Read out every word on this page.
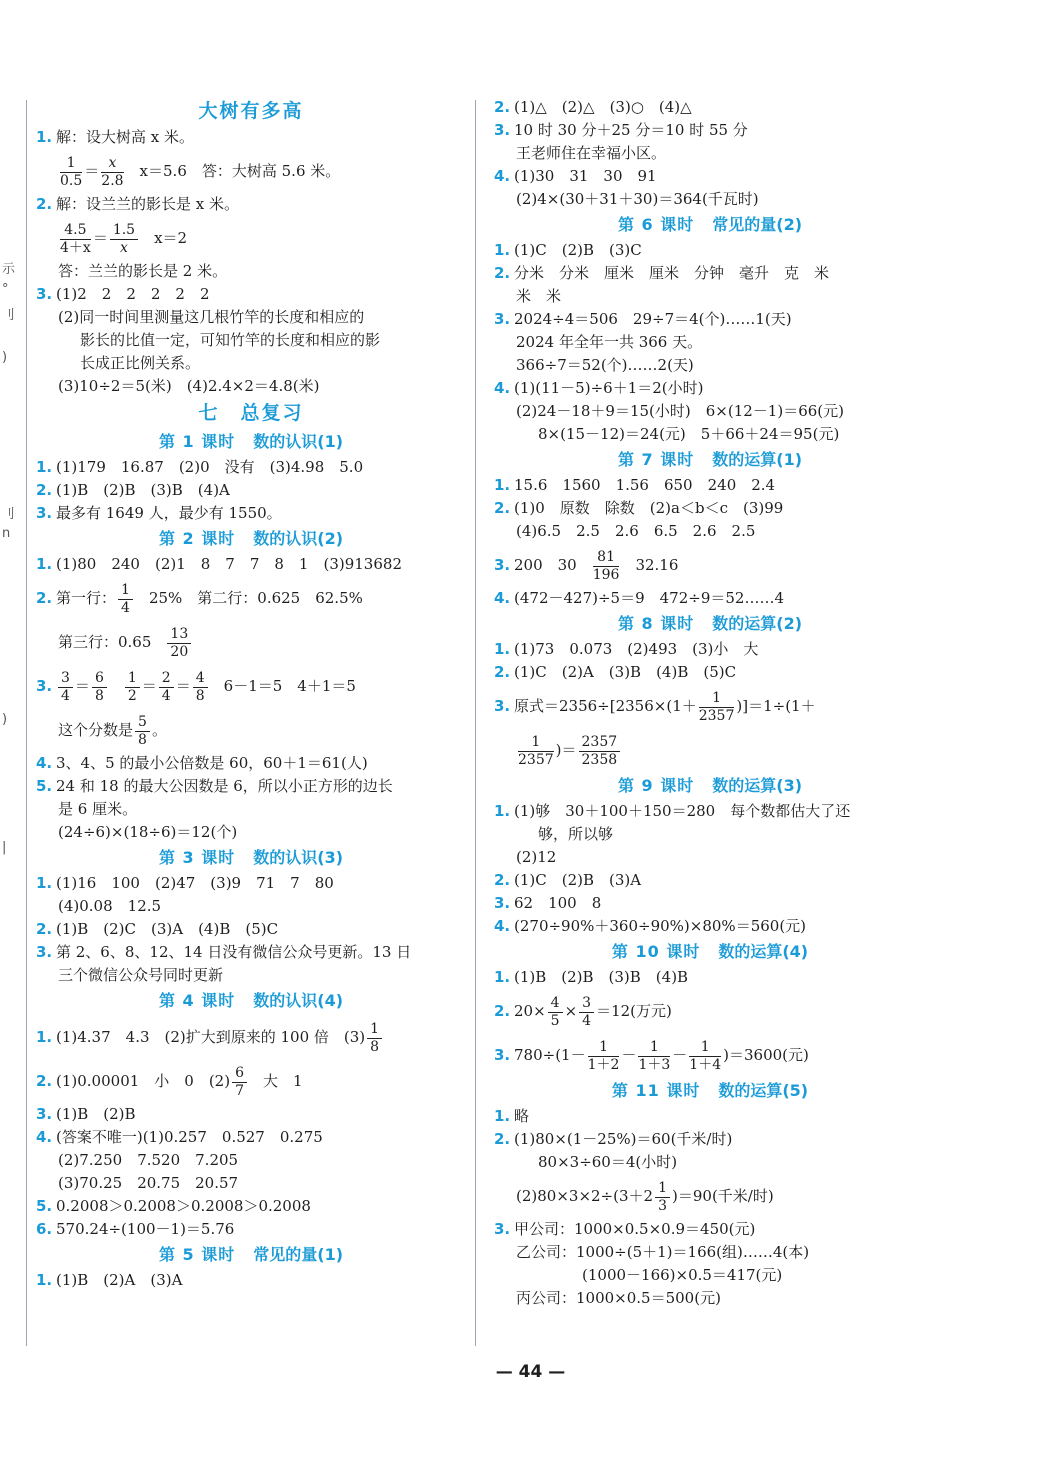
示
°
刂
)
刂
n
)
|
大树有多高
1. 解：设大树高 x 米。
$\frac{1}{0.5} = \frac{x}{2.8} x=5.6$　答：大树高 5.6 米。
2. 解：设兰兰的影长是 x 米。
$\frac{4.5}{4+x} = \frac{1.5}{x} x=2$
答：兰兰的影长是 2 米。
3. (1)2　2　2　2　2　2
(2)同一时间里测量这几根竹竿的长度和相应的
影长的比值一定，可知竹竿的长度和相应的影
长成正比例关系。
(3)10÷2＝5(米)　(4)2.4×2＝4.8(米)
七　总复习
第 1 课时 数的认识(1)
1. (1)179　16.87　(2)0　没有　(3)4.98　5.0
2. (1)B　(2)B　(3)B　(4)A
3. 最多有 1649 人，最少有 1550。
第 2 课时 数的认识(2)
1. (1)80　240　(2)1　8　7　7　8　1　(3)913682
2. 第一行： $\frac{1}{4} 25\%$　第二行：0.625　62.5%
第三行：$0.65 \frac{13}{20}$
3. $\frac{3}{4} = \frac{6}{8} \frac{1}{2} = \frac{2}{4} = \frac{4}{8} 6-1=5$　4＋1＝5
这个分数是 $\frac{5}{8}$ 。
4. 3、4、5 的最小公倍数是 60，60＋1＝61(人)
5. 24 和 18 的最大公因数是 6，所以小正方形的边长
是 6 厘米。
(24÷6)×(18÷6)＝12(个)
第 3 课时 数的认识(3)
1. (1)16　100　(2)47　(3)9　71　7　80
(4)0.08　12.5
2. (1)B　(2)C　(3)A　(4)B　(5)C
3. 第 2、6、8、12、14 日没有微信公众号更新。13 日
三个微信公众号同时更新
第 4 课时 数的认识(4)
1. (1)4.37　4.3　(2)扩大到原来的 100 倍　$(3) \frac{1}{8}$
2. (1)0.00001　小　0　$(2) \frac{6}{7}$ 大　1
3. (1)B　(2)B
4. (答案不唯一)(1)0.257　0.527　0.275
(2)7.250　7.520　7.205
(3)70.25　20.75　20.57
5. 0.2008＞0.2008＞0.2008＞0.2008
6. 570.24÷(100－1)＝5.76
第 5 课时 常见的量(1)
1. (1)B　(2)A　(3)A
2. (1)△　(2)△　(3)○　(4)△
3. 10 时 30 分＋25 分＝10 时 55 分
王老师住在幸福小区。
4. (1)30　31　30　91
(2)4×(30＋31＋30)＝364(千瓦时)
第 6 课时 常见的量(2)
1. (1)C　(2)B　(3)C
2. 分米　分米　厘米　厘米　分钟　毫升　克　米
米　米
3. 2024÷4＝506　29÷7＝4(个)……1(天)
2024 年全年一共 366 天。
366÷7＝52(个)……2(天)
4. (1)(11－5)÷6＋1＝2(小时)
(2)24－18＋9＝15(小时)　6×(12－1)＝66(元)
8×(15－12)＝24(元)　5＋66＋24＝95(元)
第 7 课时 数的运算(1)
1. 15.6　1560　1.56　650　240　2.4
2. (1)0　原数　除数　(2)a＜b＜c　(3)99
(4)6.5　2.5　2.6　6.5　2.6　2.5
3. 200　$30 \frac{81}{196} 32.16$
4. (472－427)÷5＝9　472÷9＝52……4
第 8 课时 数的运算(2)
1. (1)73　0.073　(2)493　(3)小　大
2. (1)C　(2)A　(3)B　(4)B　(5)C
3. 原式$=2356\div[2356\times(1+ \frac{1}{2357} )]=1\div(1+$
$\frac{1}{2357}$ )＝ $\frac{2357}{2358}$
第 9 课时 数的运算(3)
1. (1)够　30＋100＋150＝280　每个数都估大了还
够，所以够
(2)12
2. (1)C　(2)B　(3)A
3. 62　100　8
4. (270÷90%＋360÷90%)×80%＝560(元)
第 10 课时 数的运算(4)
1. (1)B　(2)B　(3)B　(4)B
2. $20\times \frac{4}{5} \times \frac{3}{4} =12$(万元)
3. $780\div(1- \frac{1}{1+2} - \frac{1}{1+3} - \frac{1}{1+4} )=3600$(元)
第 11 课时 数的运算(5)
1. 略
2. (1)80×(1－25%)＝60(千米/时)
80×3÷60＝4(小时)
$(2)80\times 3\times 2\div(3+2 \frac{1}{3} )=90$(千米/时)
3. 甲公司：1000×0.5×0.9＝450(元)
乙公司：1000÷(5＋1)＝166(组)……4(本)
(1000－166)×0.5＝417(元)
丙公司：1000×0.5＝500(元)
— 44 —
